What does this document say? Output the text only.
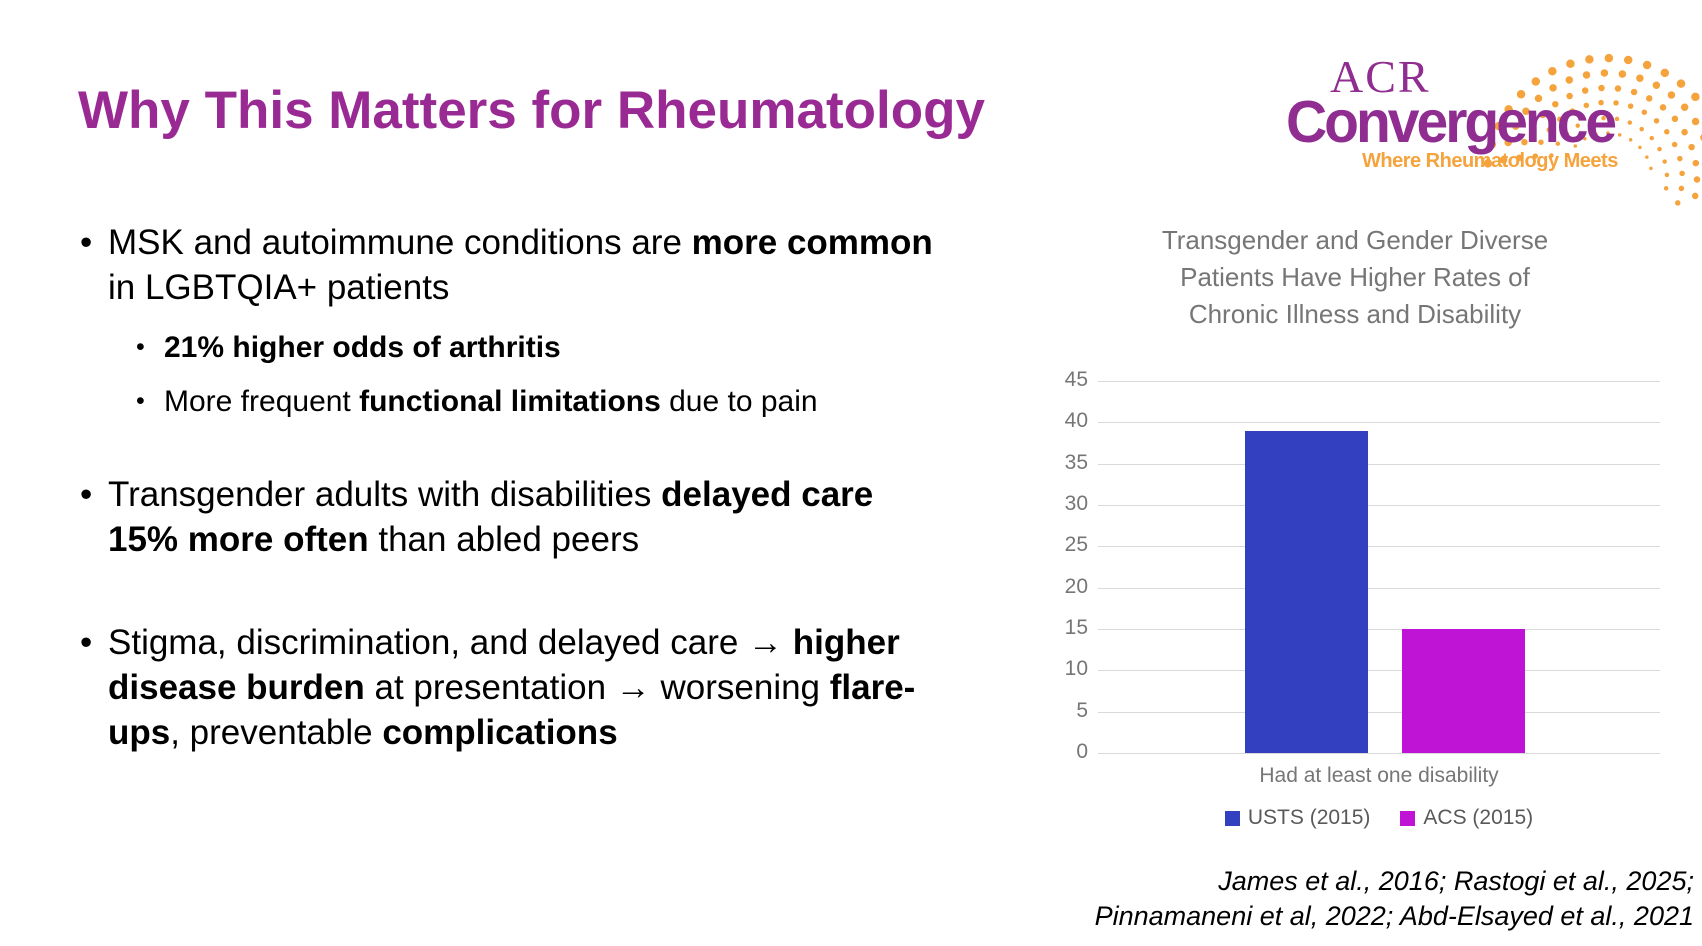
Why This Matters for Rheumatology
ACR
Convergence
Where Rheumatology Meets
• MSK and autoimmune conditions are more common in LGBTQIA+ patients
• 21% higher odds of arthritis
• More frequent functional limitations due to pain
• Transgender adults with disabilities delayed care 15% more often than abled peers
• Stigma, discrimination, and delayed care → higher disease burden at presentation → worsening flare-ups, preventable complications
Transgender and Gender Diverse
Patients Have Higher Rates of
Chronic Illness and Disability
45
40
35
30
25
20
15
10
5
0
Had at least one disability
USTS (2015)	ACS (2015)
James et al., 2016; Rastogi et al., 2025;
Pinnamaneni et al, 2022; Abd-Elsayed et al., 2021
